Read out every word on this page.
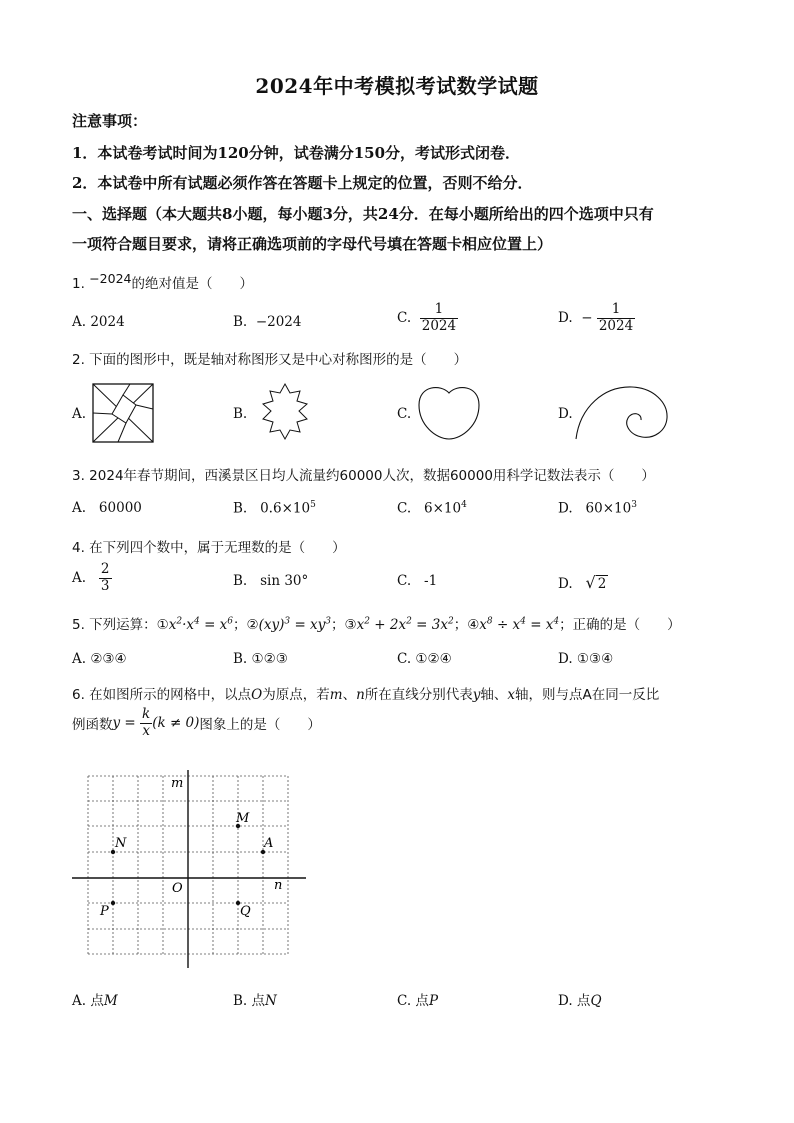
2024年中考模拟考试数学试题
注意事项：
1．本试卷考试时间为120分钟，试卷满分150分，考试形式闭卷．
2．本试卷中所有试题必须作答在答题卡上规定的位置，否则不给分．
一、选择题（本大题共8小题，每小题3分，共24分．在每小题所给出的四个选项中只有
一项符合题目要求，请将正确选项前的字母代号填在答题卡相应位置上）
1. −2024的绝对值是（　　）
A. 2024	B. −2024	C. $\frac{1}{2024}$	D. − $\frac{1}{2024}$
2. 下面的图形中，既是轴对称图形又是中心对称图形的是（　　）
A.	B.	C.	D.
3. 2024年春节期间，西溪景区日均人流量约60000人次，数据60000用科学记数法表示（　　）
A. 60000	B. $0.6\times 10^5$	C. $6\times 10^4$	D. $60\times 10^3$
4. 在下列四个数中，属于无理数的是（　　）
A. $\frac{2}{3}$	B. sin 30°	C. -1	D. √ 2
5. 下列运算：$①x^2\cdot x^4 = x^6$；②(xy)$^3$ = $xy^3$；$③x^2 + 2x^2 = 3x^2$；$④x^8 \div x^4 = x^4$；正确的是（　　）
A. ②③④	B. ①②③	C. ①②④	D. ①③④
6. 在如图所示的网格中，以点O为原点，若m、n所在直线分别代表y轴、x轴，则与点A在同一反比
例函数$y = \frac{k}{x} (k \ne 0)$图象上的是（　　）
m
n
O
M
N	A
P	Q
A. 点M	B. 点N	C. 点P	D. 点Q
